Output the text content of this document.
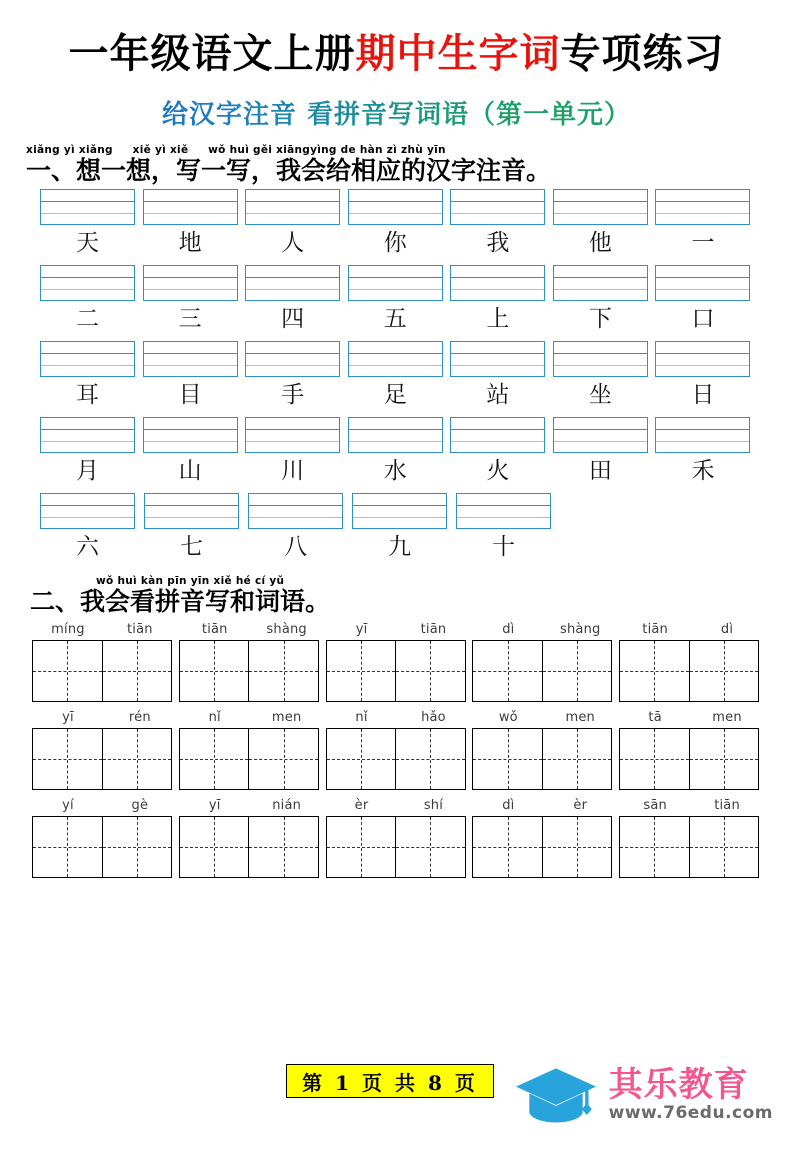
一年级语文上册期中生字词专项练习
给汉字注音 看拼音写词语（第一单元）
xiǎng yì xiǎng xiě yì xiě wǒ huì gěi xiāngyìng de hàn zì zhù yīn
一、想一想，写一写，我会给相应的汉字注音。
天	地	人	你	我	他	一
二	三	四	五	上	下	口
耳	目	手	足	站	坐	日
月	山	川	水	火	田	禾
六	七	八	九	十
wǒ huì kàn pīn yīn xiě hé cí yǔ
二、我会看拼音写和词语。
míng	tiān	tiān	shàng	yī	tiān	dì	shàng	tiān	dì
yī	rén	nǐ	men	nǐ	hǎo	wǒ	men	tā	men
yí	gè	yī	nián	èr	shí	dì	èr	sān	tiān
第 1 页 共 8 页	其乐教育
www.76edu.com
